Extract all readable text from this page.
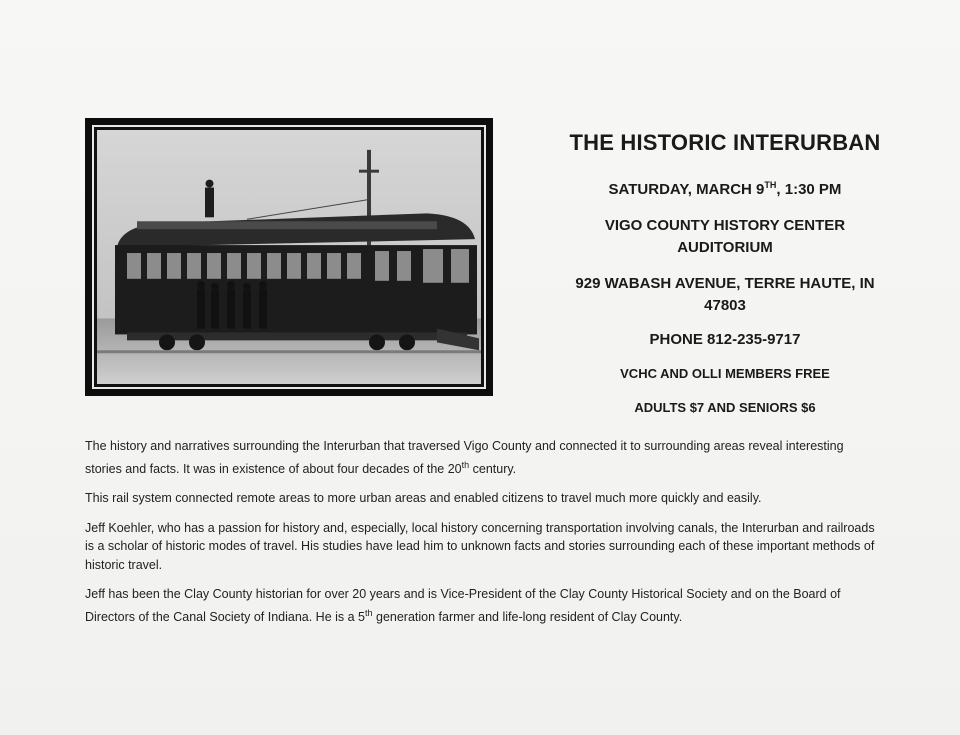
THE HISTORIC INTERURBAN

SATURDAY, MARCH 9TH, 1:30 PM

VIGO COUNTY HISTORY CENTER

AUDITORIUM

929 WABASH AVENUE, TERRE HAUTE, IN

47803

PHONE 812-235-9717

VCHC AND OLLI MEMBERS FREE

ADULTS $7 AND SENIORS $6

The history and narratives surrounding the Interurban that traversed Vigo County and connected it to surrounding areas reveal interesting stories and facts. It was in existence of about four decades of the 20th century.

This rail system connected remote areas to more urban areas and enabled citizens to travel much more quickly and easily.

Jeff Koehler, who has a passion for history and, especially, local history concerning transportation involving canals, the Interurban and railroads is a scholar of historic modes of travel. His studies have lead him to unknown facts and stories surrounding each of these important methods of historic travel.

Jeff has been the Clay County historian for over 20 years and is Vice-President of the Clay County Historical Society and on the Board of Directors of the Canal Society of Indiana. He is a 5th generation farmer and life-long resident of Clay County.
